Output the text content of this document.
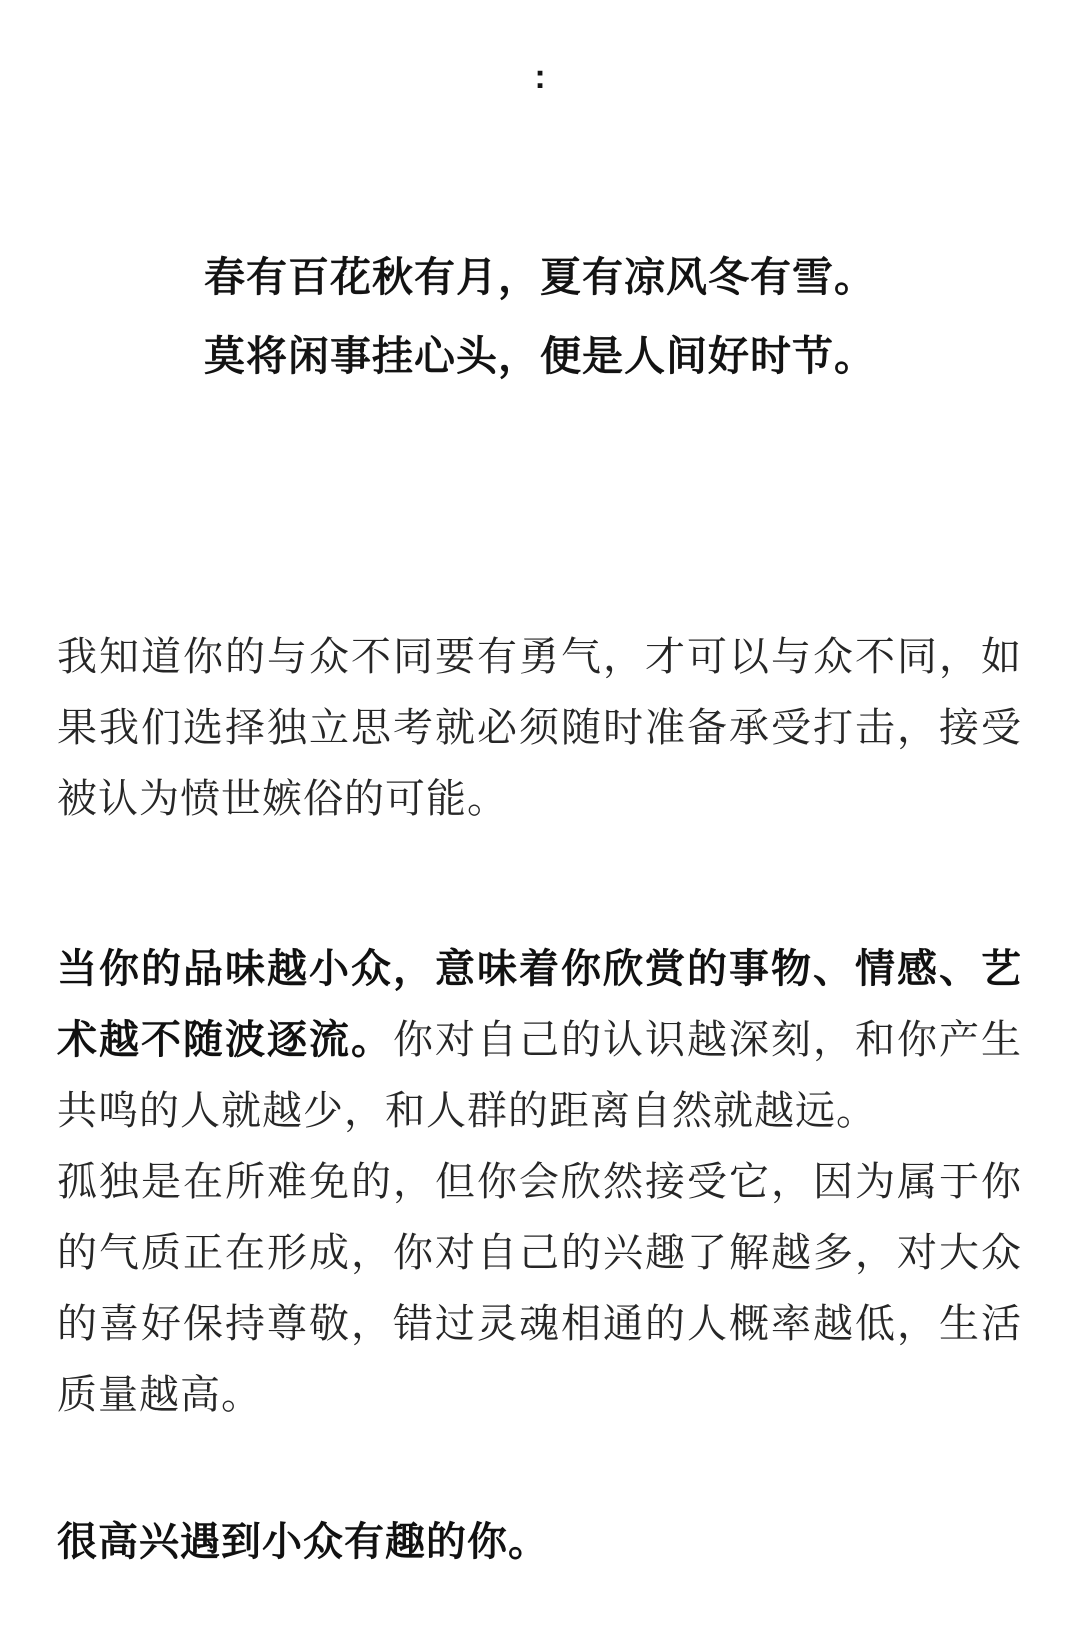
:
春有百花秋有月，夏有凉风冬有雪。
莫将闲事挂心头，便是人间好时节。

我知道你的与众不同要有勇气，才可以与众不同，如果我们选择独立思考就必须随时准备承受打击，接受被认为愤世嫉俗的可能。

当你的品味越小众，意味着你欣赏的事物、情感、艺术越不随波逐流。你对自己的认识越深刻，和你产生共鸣的人就越少，和人群的距离自然就越远。

孤独是在所难免的，但你会欣然接受它，因为属于你的气质正在形成，你对自己的兴趣了解越多，对大众的喜好保持尊敬，错过灵魂相通的人概率越低，生活质量越高。

很高兴遇到小众有趣的你。
